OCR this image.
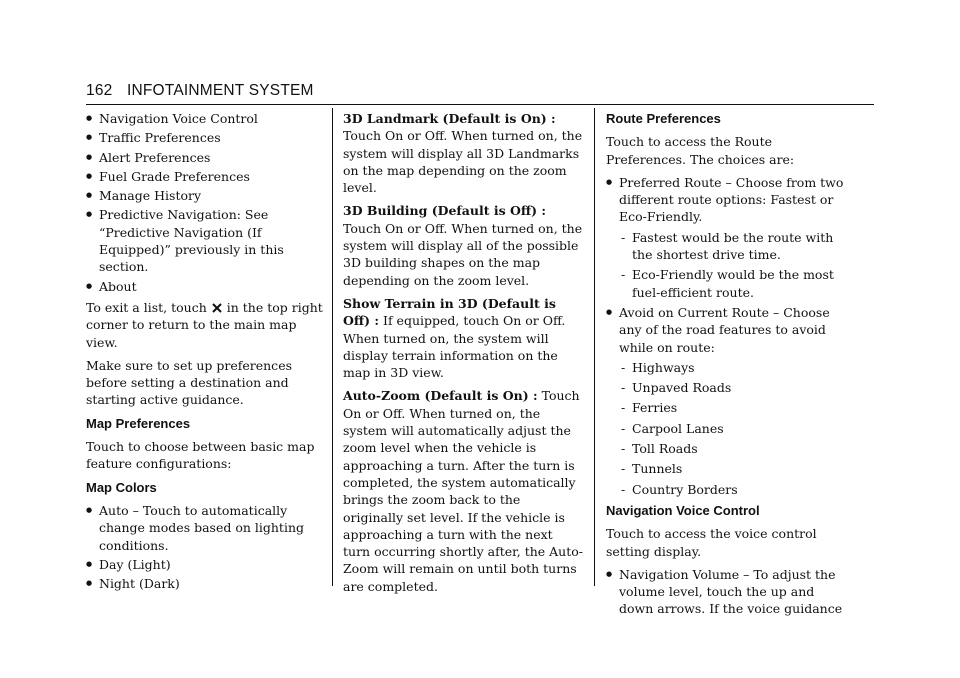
162 INFOTAINMENT SYSTEM
● Navigation Voice Control
● Traffic Preferences
● Alert Preferences
● Fuel Grade Preferences
● Manage History
● Predictive Navigation: See “Predictive Navigation (If Equipped)” previously in this section.
● About

To exit a list, touch in the top right corner to return to the main map view.

Make sure to set up preferences before setting a destination and starting active guidance.

Map Preferences

Touch to choose between basic map feature configurations:

Map Colors
● Auto – Touch to automatically change modes based on lighting conditions.
● Day (Light)
● Night (Dark)

3D Landmark (Default is On) : Touch On or Off. When turned on, the system will display all 3D Landmarks on the map depending on the zoom level.

3D Building (Default is Off) : Touch On or Off. When turned on, the system will display all of the possible 3D building shapes on the map depending on the zoom level.

Show Terrain in 3D (Default is Off) : If equipped, touch On or Off. When turned on, the system will display terrain information on the map in 3D view.

Auto-Zoom (Default is On) : Touch On or Off. When turned on, the system will automatically adjust the zoom level when the vehicle is approaching a turn. After the turn is completed, the system automatically brings the zoom back to the originally set level. If the vehicle is approaching a turn with the next turn occurring shortly after, the Auto-Zoom will remain on until both turns are completed.

Route Preferences

Touch to access the Route Preferences. The choices are:

● Preferred Route – Choose from two different route options: Fastest or Eco-Friendly.
- Fastest would be the route with the shortest drive time.
- Eco-Friendly would be the most fuel-efficient route.
● Avoid on Current Route – Choose any of the road features to avoid while on route:
- Highways
- Unpaved Roads
- Ferries
- Carpool Lanes
- Toll Roads
- Tunnels
- Country Borders
Navigation Voice Control

Touch to access the voice control setting display.

● Navigation Volume – To adjust the volume level, touch the up and down arrows. If the voice guidance
